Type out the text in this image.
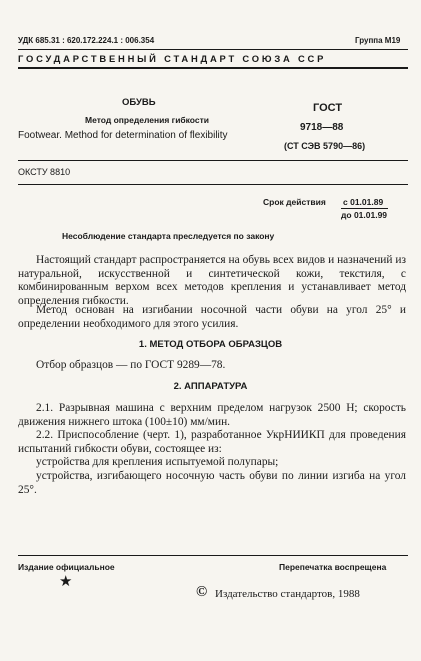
УДК 685.31 : 620.172.224.1 : 006.354	Группа М19
ГОСУДАРСТВЕННЫЙ СТАНДАРТ СОЮЗА ССР
ОБУВЬ
Метод определения гибкости
Footwear. Method for determination of flexibility
ГОСТ
9718—88
(СТ СЭВ 5790—86)
ОКСТУ 8810
Срок действия с 01.01.89
до 01.01.99
Несоблюдение стандарта преследуется по закону
Настоящий стандарт распространяется на обувь всех видов и назначений из натуральной, искусственной и синтетической кожи, текстиля, с комбинированным верхом всех методов крепления и устанавливает метод определения гибкости.
Метод основан на изгибании носочной части обуви на угол 25° и определении необходимого для этого усилия.
1. МЕТОД ОТБОРА ОБРАЗЦОВ
Отбор образцов — по ГОСТ 9289—78.
2. АППАРАТУРА
2.1. Разрывная машина с верхним пределом нагрузок 2500 Н; скорость движения нижнего штока (100±10) мм/мин.
2.2. Приспособление (черт. 1), разработанное УкрНИИКП для проведения испытаний гибкости обуви, состоящее из:
устройства для крепления испытуемой полупары;
устройства, изгибающего носочную часть обуви по линии изгиба на угол 25°.
Издание официальное
★
Перепечатка воспрещена
© Издательство стандартов, 1988
